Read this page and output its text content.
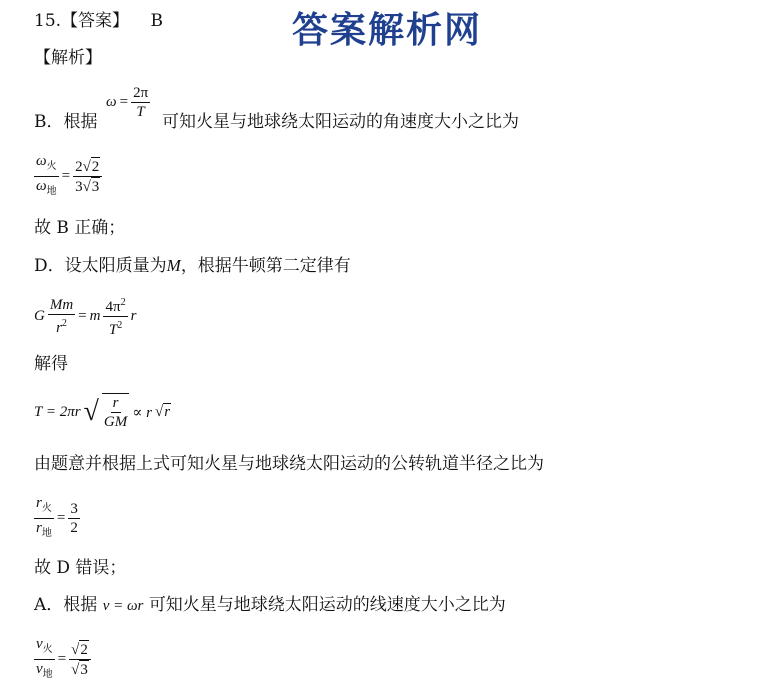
答案解析网
15.【答案】 B
【解析】
B．根据
$\omega = \frac{2\pi}{T}$
可知火星与地球绕太阳运动的角速度大小之比为
$\frac{\omega_火}{\omega_地} = \frac{2√2}{3√3}$
故 B 正确；
D．设太阳质量为M，根据牛顿第二定律有
G $\frac{Mm}{r^2} = m \frac{4\pi^2}{T^2}$ r
解得
T = 2πr √ $\frac{r}{GM} \propto r$ √r
由题意并根据上式可知火星与地球绕太阳运动的公转轨道半径之比为
$\frac{r_火}{r_地} = \frac{3}{2}$
故 D 错误；
A．根据 v = ωr 可知火星与地球绕太阳运动的线速度大小之比为
$\frac{v_火}{v_地} = \frac{√2}{√3}$
